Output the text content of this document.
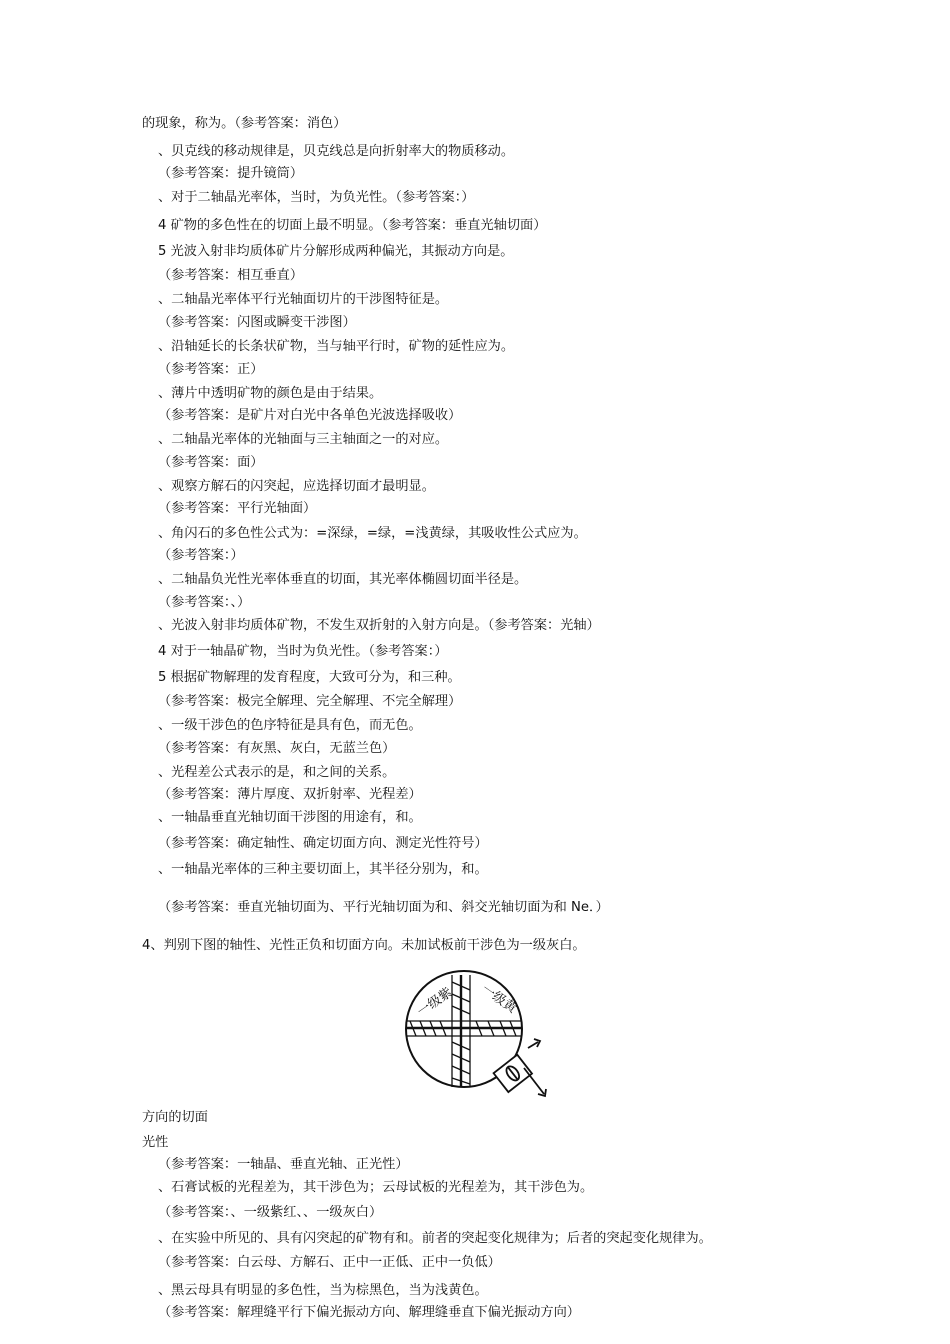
的现象，称为。（参考答案：消色）
、贝克线的移动规律是，贝克线总是向折射率大的物质移动。
（参考答案：提升镜筒）
、对于二轴晶光率体，当时，为负光性。（参考答案：）
4 矿物的多色性在的切面上最不明显。（参考答案：垂直光轴切面）
5 光波入射非均质体矿片分解形成两种偏光，其振动方向是。
（参考答案：相互垂直）
、二轴晶光率体平行光轴面切片的干涉图特征是。
（参考答案：闪图或瞬变干涉图）
、沿轴延长的长条状矿物，当与轴平行时，矿物的延性应为。
（参考答案：正）
、薄片中透明矿物的颜色是由于结果。
（参考答案：是矿片对白光中各单色光波选择吸收）
、二轴晶光率体的光轴面与三主轴面之一的对应。
（参考答案：面）
、观察方解石的闪突起，应选择切面才最明显。
（参考答案：平行光轴面）
、角闪石的多色性公式为：=深绿，=绿，=浅黄绿，其吸收性公式应为。
（参考答案：）
、二轴晶负光性光率体垂直的切面，其光率体椭圆切面半径是。
（参考答案：、）
、光波入射非均质体矿物，不发生双折射的入射方向是。（参考答案：光轴）
4 对于一轴晶矿物，当时为负光性。（参考答案：）
5 根据矿物解理的发育程度，大致可分为，和三种。
（参考答案：极完全解理、完全解理、不完全解理）
、一级干涉色的色序特征是具有色，而无色。
（参考答案：有灰黑、灰白，无蓝兰色）
、光程差公式表示的是，和之间的关系。
（参考答案：薄片厚度、双折射率、光程差）
、一轴晶垂直光轴切面干涉图的用途有，和。
（参考答案：确定轴性、确定切面方向、测定光性符号）
、一轴晶光率体的三种主要切面上，其半径分别为，和。
（参考答案：垂直光轴切面为、平行光轴切面为和、斜交光轴切面为和 Ne．）
4、判别下图的轴性、光性正负和切面方向。未加试板前干涉色为一级灰白。
一级紫 一级黄
方向的切面
光性
（参考答案：一轴晶、垂直光轴、正光性）
、石膏试板的光程差为，其干涉色为；云母试板的光程差为，其干涉色为。
（参考答案：、一级紫红、、一级灰白）
、在实验中所见的、具有闪突起的矿物有和。前者的突起变化规律为；后者的突起变化规律为。
（参考答案：白云母、方解石、正中一正低、正中一负低）
、黑云母具有明显的多色性，当为棕黑色，当为浅黄色。
（参考答案：解理缝平行下偏光振动方向、解理缝垂直下偏光振动方向）
